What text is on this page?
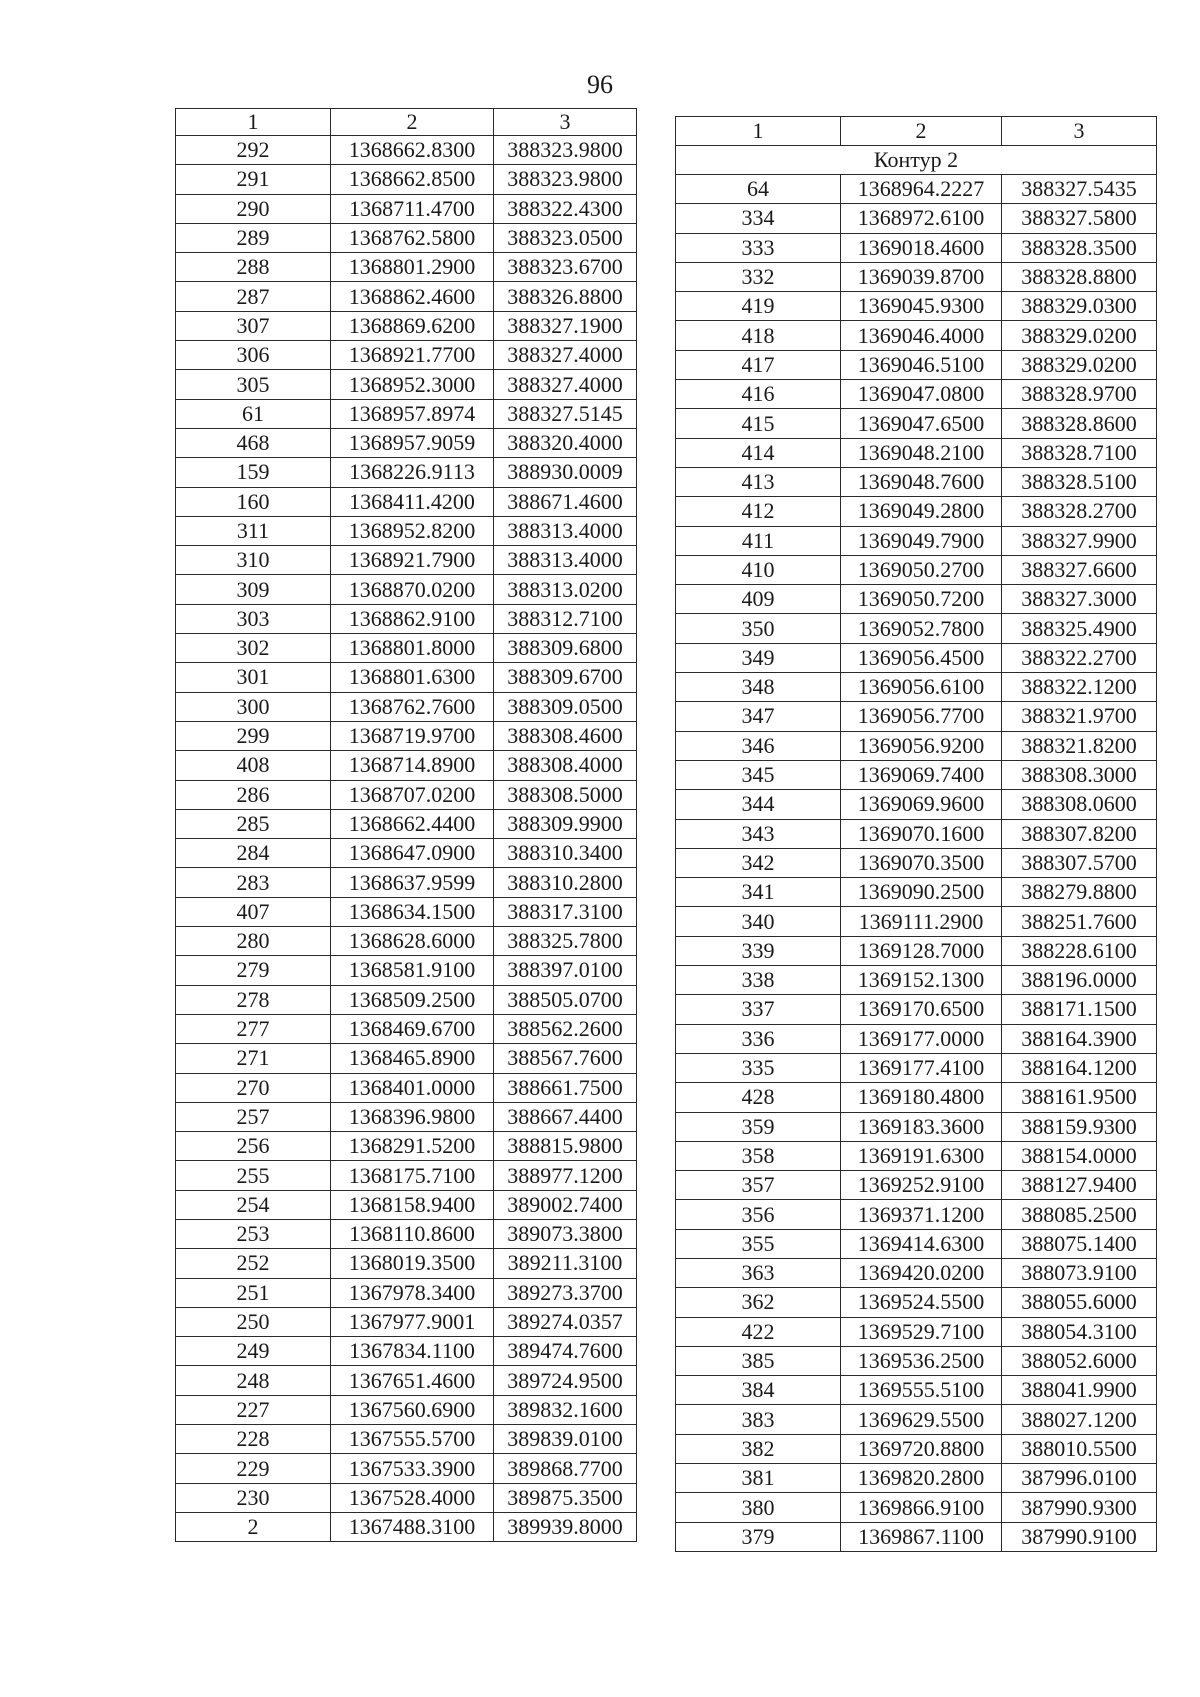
96
1	2	3
292	1368662.8300	388323.9800
291	1368662.8500	388323.9800
290	1368711.4700	388322.4300
289	1368762.5800	388323.0500
288	1368801.2900	388323.6700
287	1368862.4600	388326.8800
307	1368869.6200	388327.1900
306	1368921.7700	388327.4000
305	1368952.3000	388327.4000
61	1368957.8974	388327.5145
468	1368957.9059	388320.4000
159	1368226.9113	388930.0009
160	1368411.4200	388671.4600
311	1368952.8200	388313.4000
310	1368921.7900	388313.4000
309	1368870.0200	388313.0200
303	1368862.9100	388312.7100
302	1368801.8000	388309.6800
301	1368801.6300	388309.6700
300	1368762.7600	388309.0500
299	1368719.9700	388308.4600
408	1368714.8900	388308.4000
286	1368707.0200	388308.5000
285	1368662.4400	388309.9900
284	1368647.0900	388310.3400
283	1368637.9599	388310.2800
407	1368634.1500	388317.3100
280	1368628.6000	388325.7800
279	1368581.9100	388397.0100
278	1368509.2500	388505.0700
277	1368469.6700	388562.2600
271	1368465.8900	388567.7600
270	1368401.0000	388661.7500
257	1368396.9800	388667.4400
256	1368291.5200	388815.9800
255	1368175.7100	388977.1200
254	1368158.9400	389002.7400
253	1368110.8600	389073.3800
252	1368019.3500	389211.3100
251	1367978.3400	389273.3700
250	1367977.9001	389274.0357
249	1367834.1100	389474.7600
248	1367651.4600	389724.9500
227	1367560.6900	389832.1600
228	1367555.5700	389839.0100
229	1367533.3900	389868.7700
230	1367528.4000	389875.3500
2	1367488.3100	389939.8000
1	2	3
Контур 2		
64	1368964.2227	388327.5435
334	1368972.6100	388327.5800
333	1369018.4600	388328.3500
332	1369039.8700	388328.8800
419	1369045.9300	388329.0300
418	1369046.4000	388329.0200
417	1369046.5100	388329.0200
416	1369047.0800	388328.9700
415	1369047.6500	388328.8600
414	1369048.2100	388328.7100
413	1369048.7600	388328.5100
412	1369049.2800	388328.2700
411	1369049.7900	388327.9900
410	1369050.2700	388327.6600
409	1369050.7200	388327.3000
350	1369052.7800	388325.4900
349	1369056.4500	388322.2700
348	1369056.6100	388322.1200
347	1369056.7700	388321.9700
346	1369056.9200	388321.8200
345	1369069.7400	388308.3000
344	1369069.9600	388308.0600
343	1369070.1600	388307.8200
342	1369070.3500	388307.5700
341	1369090.2500	388279.8800
340	1369111.2900	388251.7600
339	1369128.7000	388228.6100
338	1369152.1300	388196.0000
337	1369170.6500	388171.1500
336	1369177.0000	388164.3900
335	1369177.4100	388164.1200
428	1369180.4800	388161.9500
359	1369183.3600	388159.9300
358	1369191.6300	388154.0000
357	1369252.9100	388127.9400
356	1369371.1200	388085.2500
355	1369414.6300	388075.1400
363	1369420.0200	388073.9100
362	1369524.5500	388055.6000
422	1369529.7100	388054.3100
385	1369536.2500	388052.6000
384	1369555.5100	388041.9900
383	1369629.5500	388027.1200
382	1369720.8800	388010.5500
381	1369820.2800	387996.0100
380	1369866.9100	387990.9300
379	1369867.1100	387990.9100
